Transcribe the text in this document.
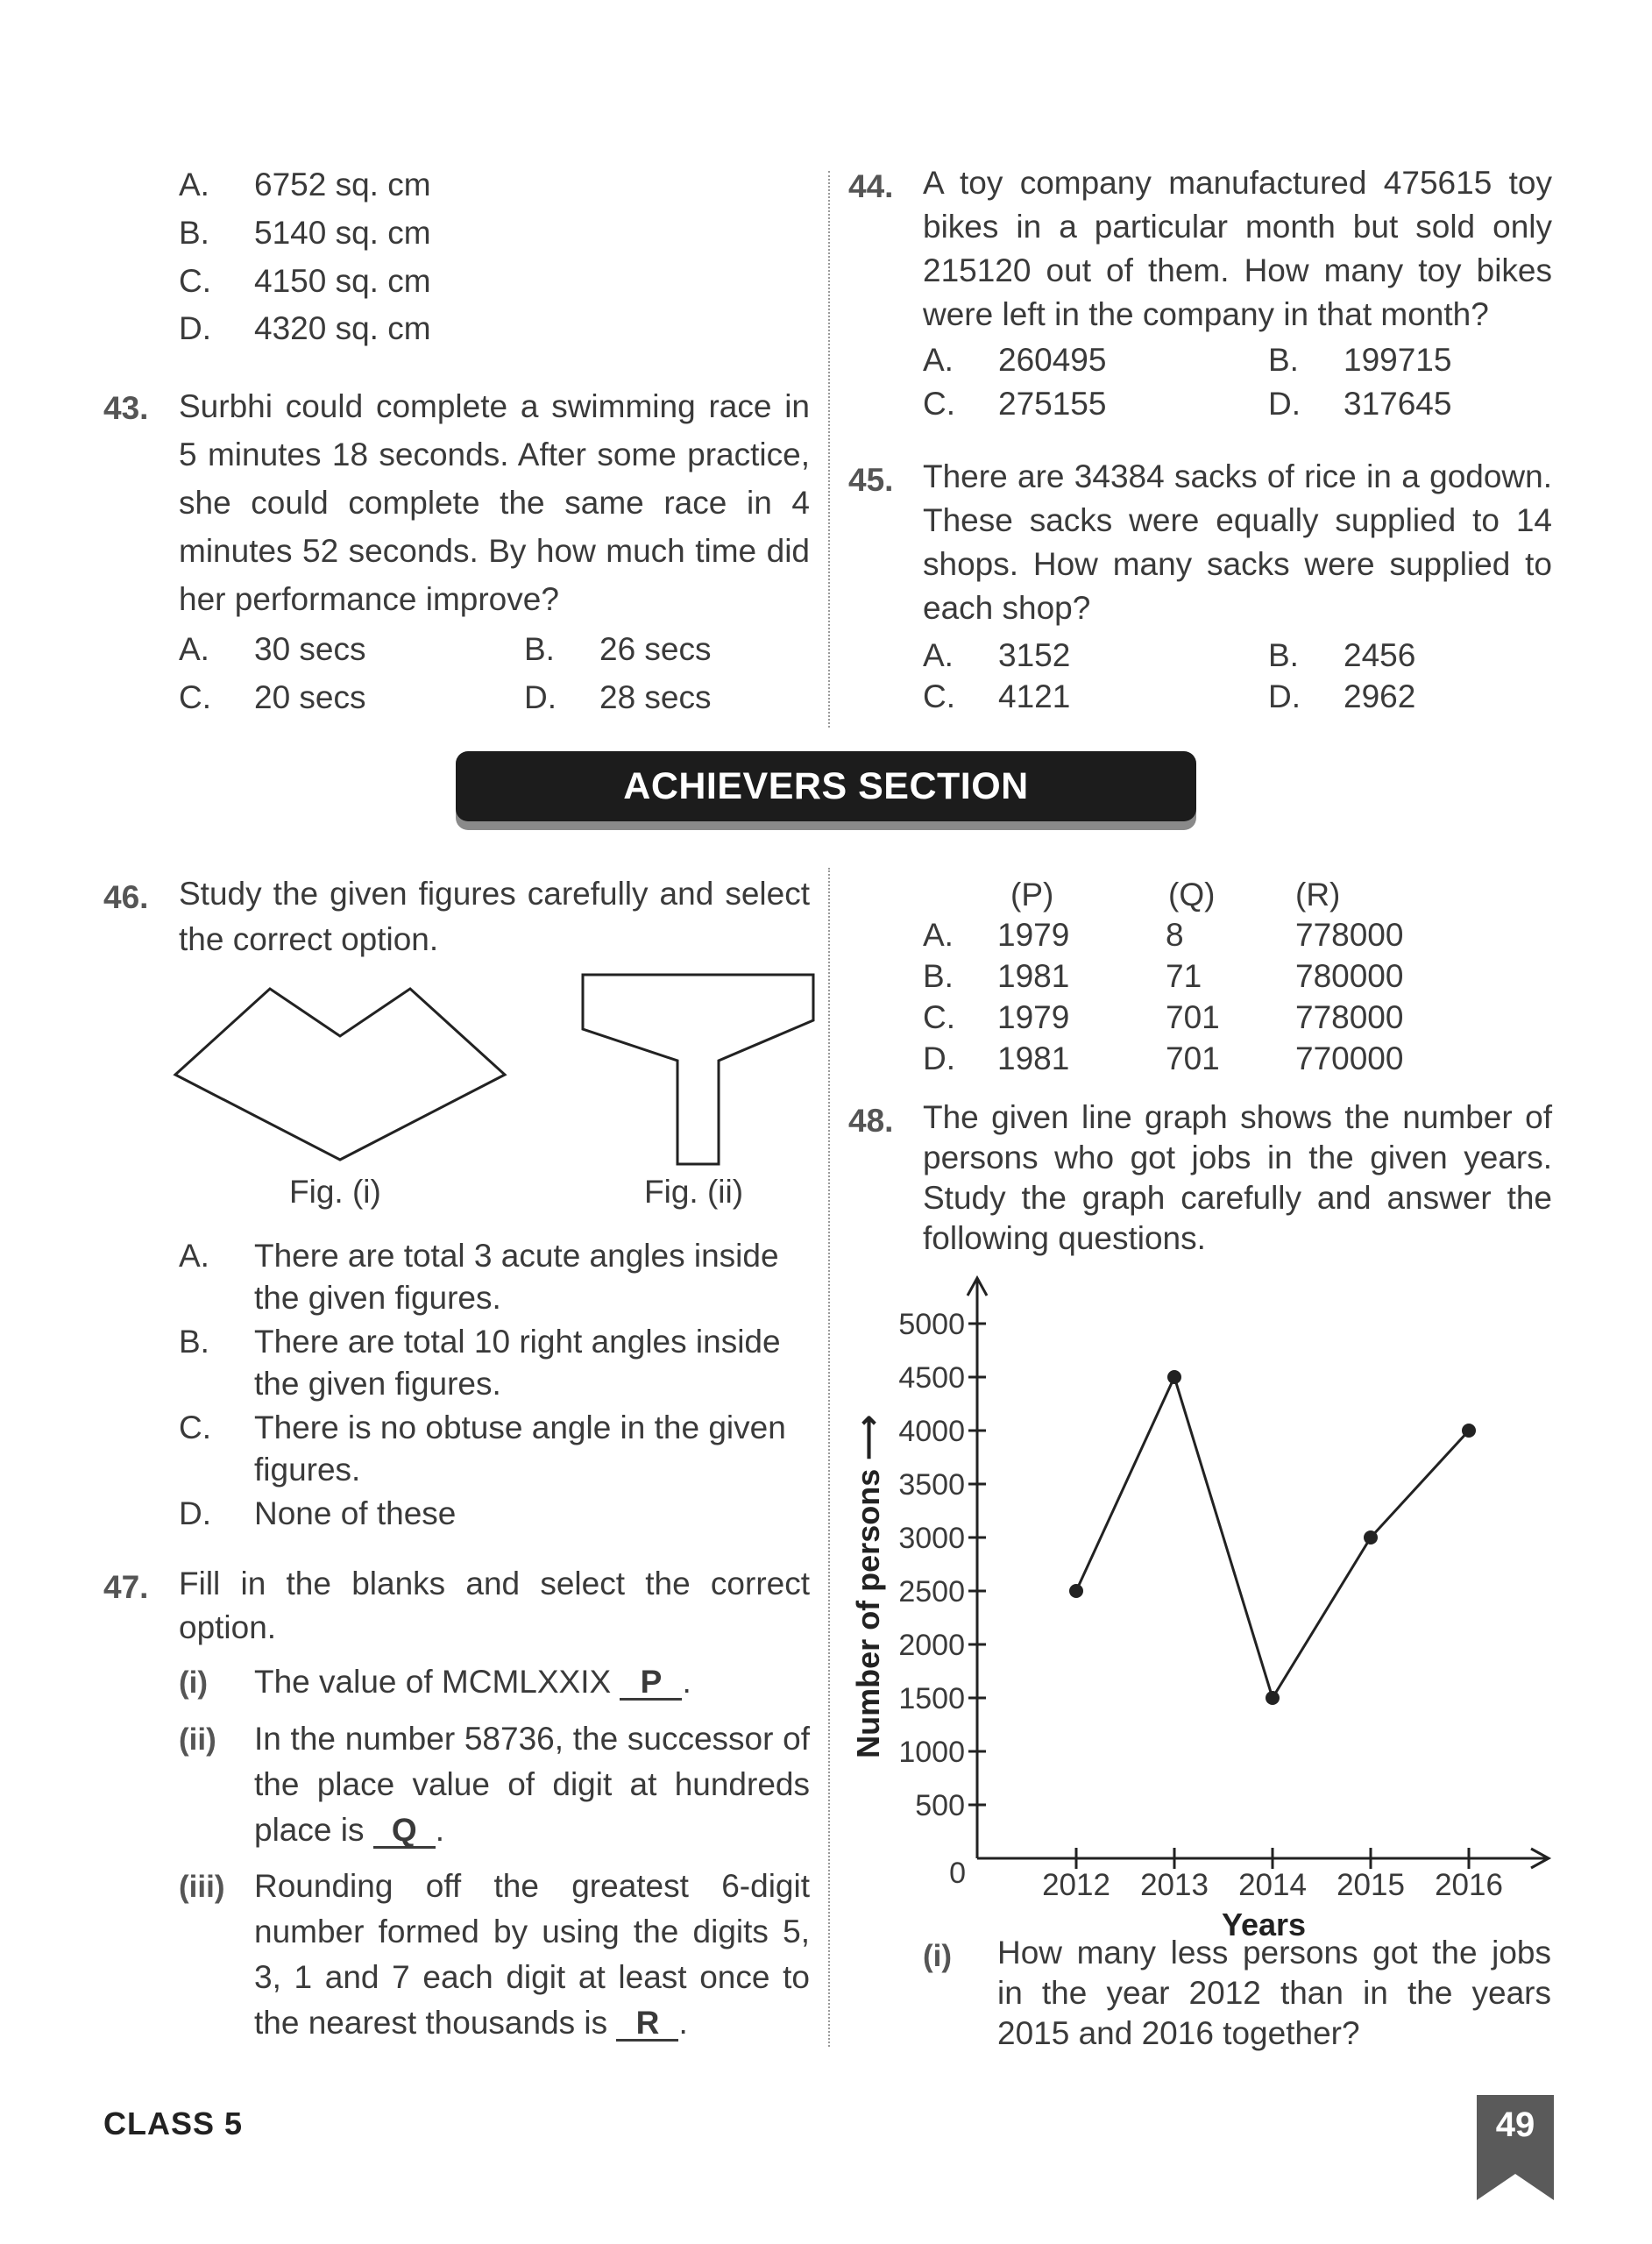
A. 6752 sq. cm
B. 5140 sq. cm
C. 4150 sq. cm
D. 4320 sq. cm
43. Surbhi could complete a swimming race in 5 minutes 18 seconds. After some practice, she could complete the same race in 4 minutes 52 seconds. By how much time did her performance improve?
A. 30 secs	B. 26 secs
C. 20 secs	D. 28 secs
44. A toy company manufactured 475615 toy bikes in a particular month but sold only 215120 out of them. How many toy bikes were left in the company in that month?
A. 260495	B. 199715
C. 275155	D. 317645
45. There are 34384 sacks of rice in a godown. These sacks were equally supplied to 14 shops. How many sacks were supplied to each shop?
A. 3152	B. 2456
C. 4121	D. 2962
ACHIEVERS SECTION
46. Study the given figures carefully and select the correct option.
Fig. (i)	Fig. (ii)
A. There are total 3 acute angles inside
the given figures.
B. There are total 10 right angles inside
the given figures.
C. There is no obtuse angle in the given
figures.
D. None of these
47. Fill in the blanks and select the correct option.
(i) The value of MCMLXXIX P .
(ii) In the number 58736, the successor of the place value of digit at hundreds place is Q .
(iii) Rounding off the greatest 6-digit number formed by using the digits 5, 3, 1 and 7 each digit at least once to the nearest thousands is R .
(P)	(Q) (R)
A. 1979	8	778000
B. 1981	71	780000
C. 1979	701 778000
D. 1981	701 770000
48. The given line graph shows the number of persons who got jobs in the given years. Study the graph carefully and answer the following questions.
500
1000
1500
2000
2500
3000
3500
4000
4500
5000
0 2012 2013 2014 2015 2016
Years
Number of persons ⟶
(i) How many less persons got the jobs in the year 2012 than in the years 2015 and 2016 together?
CLASS 5	49
